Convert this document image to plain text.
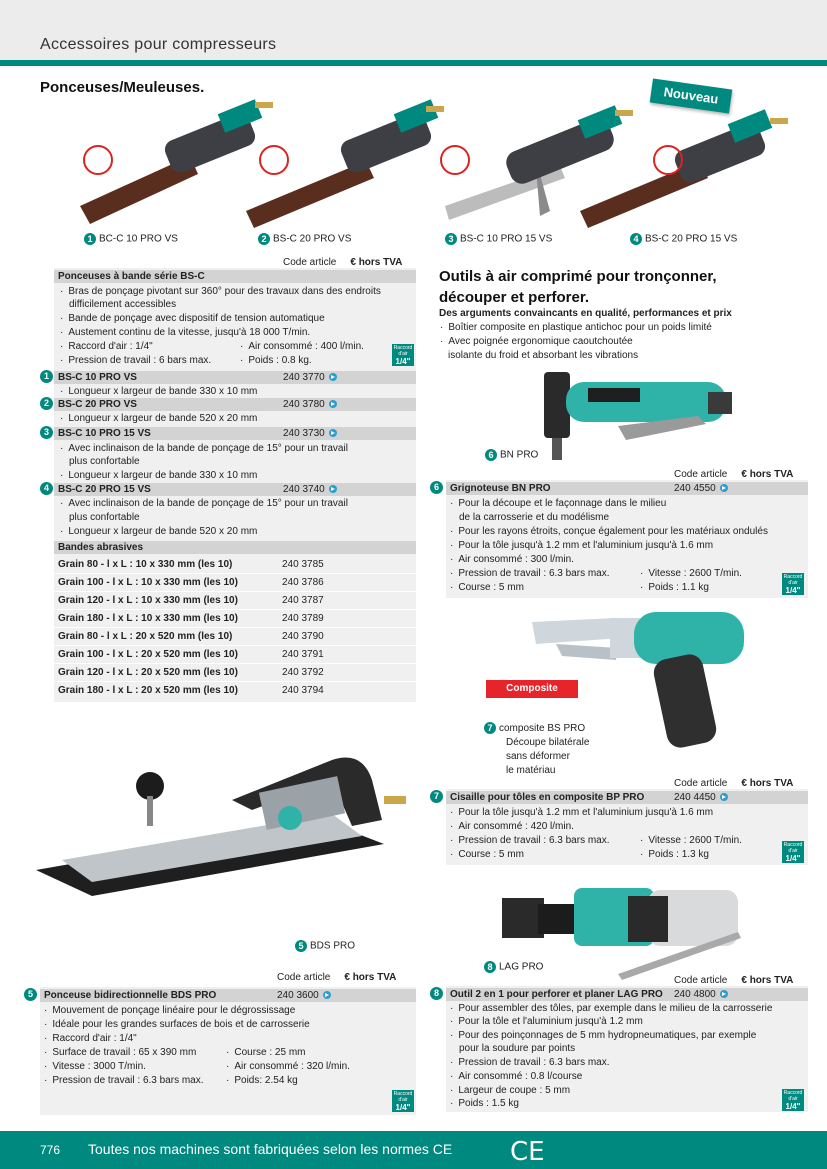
Accessoires pour compresseurs
Ponceuses/Meuleuses.	Nouveau
1 BC-C 10 PRO VS	2 BS-C 20 PRO VS	3 BS-C 10 PRO 15 VS	4 BS-C 20 PRO 15 VS
Code article € hors TVA
Ponceuses à bande série BS-C
· Bras de ponçage pivotant sur 360° pour des travaux dans des endroits
difficilement accessibles
· Bande de ponçage avec dispositif de tension automatique
· Austement continu de la vitesse, jusqu'à 18 000 T/min.
· Raccord d'air : 1/4"	· Air consommé : 400 l/min.
· Pression de travail : 6 bars max.	· Poids : 0.8 kg.
Raccord d'air
1/4"
1 BS-C 10 PRO VS	240 3770
· Longueur x largeur de bande 330 x 10 mm
2 BS-C 20 PRO VS	240 3780
· Longueur x largeur de bande 520 x 20 mm
3 BS-C 10 PRO 15 VS	240 3730
· Avec inclinaison de la bande de ponçage de 15° pour un travail
plus confortable
· Longueur x largeur de bande 330 x 10 mm
4 BS-C 20 PRO 15 VS	240 3740
· Avec inclinaison de la bande de ponçage de 15° pour un travail
plus confortable
· Longueur x largeur de bande 520 x 20 mm
Bandes abrasives
Grain 80 - l x L : 10 x 330 mm (les 10)	240 3785
Grain 100 - l x L : 10 x 330 mm (les 10)	240 3786
Grain 120 - l x L : 10 x 330 mm (les 10)	240 3787
Grain 180 - l x L : 10 x 330 mm (les 10)	240 3789
Grain 80 - l x L : 20 x 520 mm (les 10)	240 3790
Grain 100 - l x L : 20 x 520 mm (les 10)	240 3791
Grain 120 - l x L : 20 x 520 mm (les 10)	240 3792
Grain 180 - l x L : 20 x 520 mm (les 10)	240 3794
Outils à air comprimé pour tronçonner,
découper et perforer.
Des arguments convaincants en qualité, performances et prix
· Boîtier composite en plastique antichoc pour un poids limité
· Avec poignée ergonomique caoutchoutée
isolante du froid et absorbant les vibrations
6 BN PRO
Code article € hors TVA
6	Grignoteuse BN PRO	240 4550
· Pour la découpe et le façonnage dans le milieu
de la carrosserie et du modélisme
· Pour les rayons étroits, conçue également pour les matériaux ondulés
· Pour la tôle jusqu'à 1.2 mm et l'aluminium jusqu'à 1.6 mm
· Air consommé : 300 l/min.
· Pression de travail : 6.3 bars max.	· Vitesse : 2600 T/min.
· Course : 5 mm	· Poids : 1.1 kg
Raccord d'air
1/4"
Composite
7 composite BS PRO
Découpe bilatérale
sans déformer
le matériau
Code article € hors TVA
7	Cisaille pour tôles en composite BP PRO	240 4450
· Pour la tôle jusqu'à 1.2 mm et l'aluminium jusqu'à 1.6 mm
· Air consommé : 420 l/min.
· Pression de travail : 6.3 bars max.	· Vitesse : 2600 T/min.
· Course : 5 mm	· Poids : 1.3 kg
Raccord d'air
1/4"
8 LAG PRO
Code article € hors TVA
8	Outil 2 en 1 pour perforer et planer LAG PRO	240 4800
· Pour assembler des tôles, par exemple dans le milieu de la carrosserie
· Pour la tôle et l'aluminium jusqu'à 1.2 mm
· Pour des poinçonnages de 5 mm hydropneumatiques, par exemple
pour la soudure par points
· Pression de travail : 6.3 bars max.
· Air consommé : 0.8 l/course
· Largeur de coupe : 5 mm
· Poids : 1.5 kg
Raccord d'air
1/4"
5 BDS PRO
Code article € hors TVA
5	Ponceuse bidirectionnelle BDS PRO	240 3600
· Mouvement de ponçage linéaire pour le dégrossissage
· Idéale pour les grandes surfaces de bois et de carrosserie
· Raccord d'air : 1/4"
· Surface de travail : 65 x 390 mm	· Course : 25 mm
· Vitesse : 3000 T/min.	· Air consommé : 320 l/min.
· Pression de travail : 6.3 bars max.	· Poids: 2.54 kg
Raccord d'air
1/4"
776 Toutes nos machines sont fabriquées selon les normes CE CE
